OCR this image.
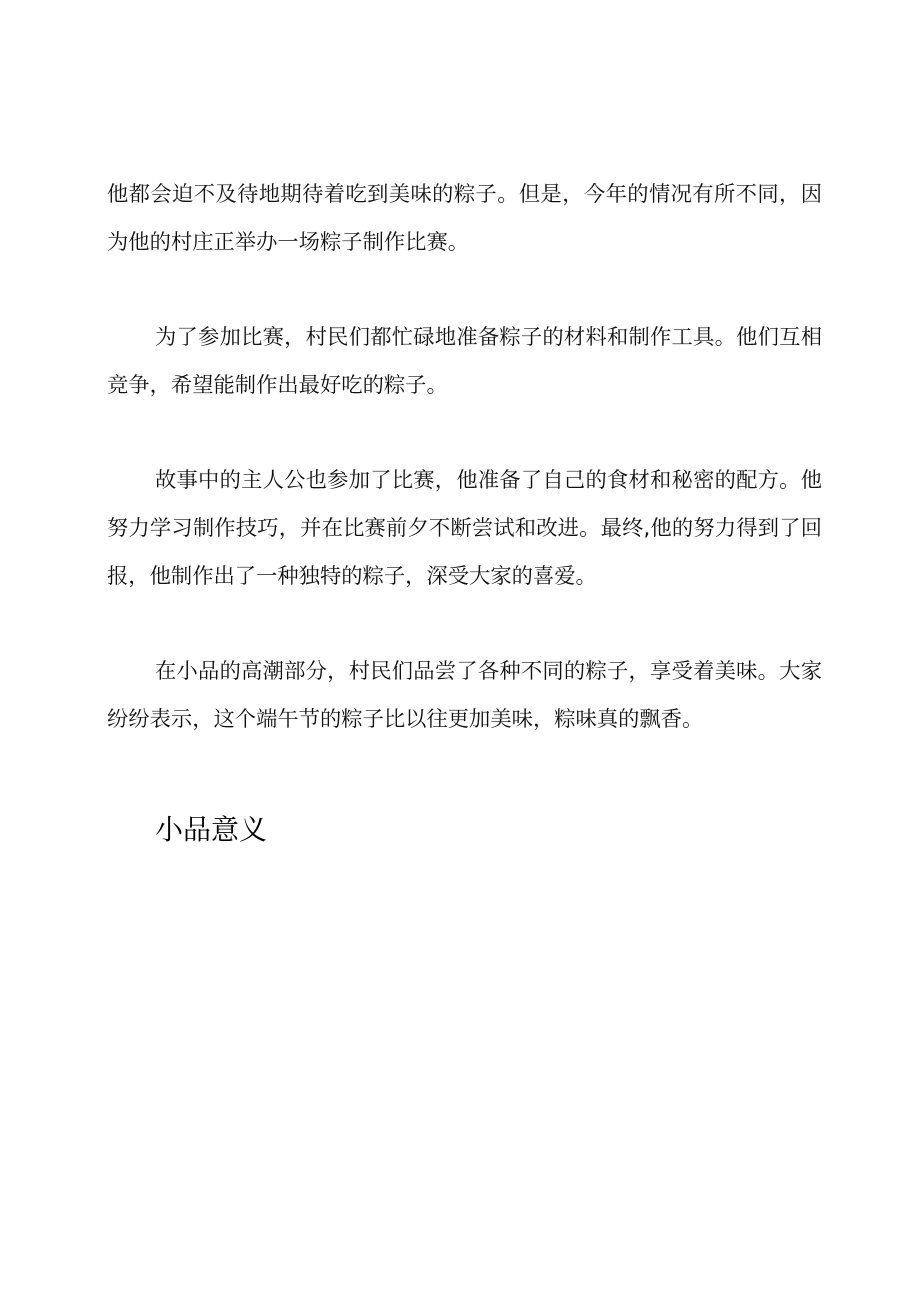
他都会迫不及待地期待着吃到美味的粽子。但是，今年的情况有所不同，因
为他的村庄正举办一场粽子制作比赛。
为了参加比赛，村民们都忙碌地准备粽子的材料和制作工具。他们互相
竞争，希望能制作出最好吃的粽子。
故事中的主人公也参加了比赛，他准备了自己的食材和秘密的配方。他
努力学习制作技巧，并在比赛前夕不断尝试和改进。最终,他的努力得到了回
报，他制作出了一种独特的粽子，深受大家的喜爱。
在小品的高潮部分，村民们品尝了各种不同的粽子，享受着美味。大家
纷纷表示，这个端午节的粽子比以往更加美味，粽味真的飘香。
小品意义
